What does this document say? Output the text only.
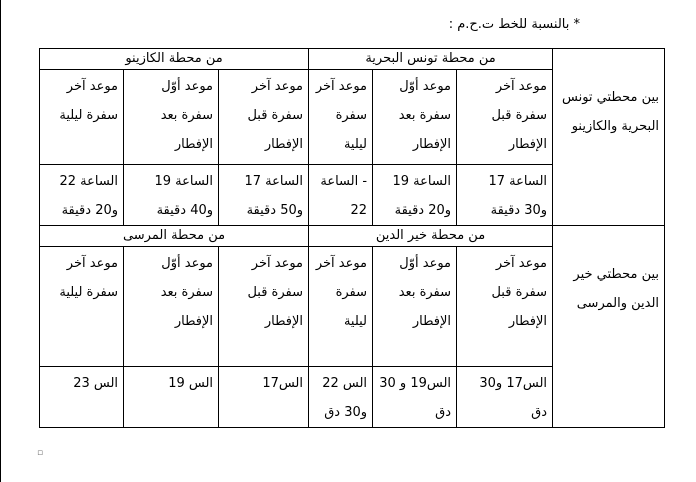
* بالنسبة للخط ت.ح.م :
بين محطتي تونس البحرية والكازينو	من محطة تونس البحرية			من محطة الكازينو		
	موعد آخر سفرة قبل الإفطار	موعد أوّل سفرة بعد الإفطار	موعد آخر سفرة ليلية	موعد آخر سفرة قبل الإفطار	موعد أوّل سفرة بعد الإفطار	موعد آخر سفرة ليلية
	الساعة 17 و30 دقيقة	الساعة 19 و20 دقيقة	- الساعة 22	الساعة 17 و50 دقيقة	الساعة 19 و40 دقيقة	الساعة 22 و20 دقيقة
بين محطتي خير الدين والمرسى	من محطة خير الدين			من محطة المرسى		
	موعد آخر سفرة قبل الإفطار	موعد أوّل سفرة بعد الإفطار	موعد آخر سفرة ليلية	موعد آخر سفرة قبل الإفطار	موعد أوّل سفرة بعد الإفطار	موعد آخر سفرة ليلية
	الس17 و30 دق	الس19 و 30 دق	الس 22 و30 دق	الس17	الس 19	الس 23
▫
